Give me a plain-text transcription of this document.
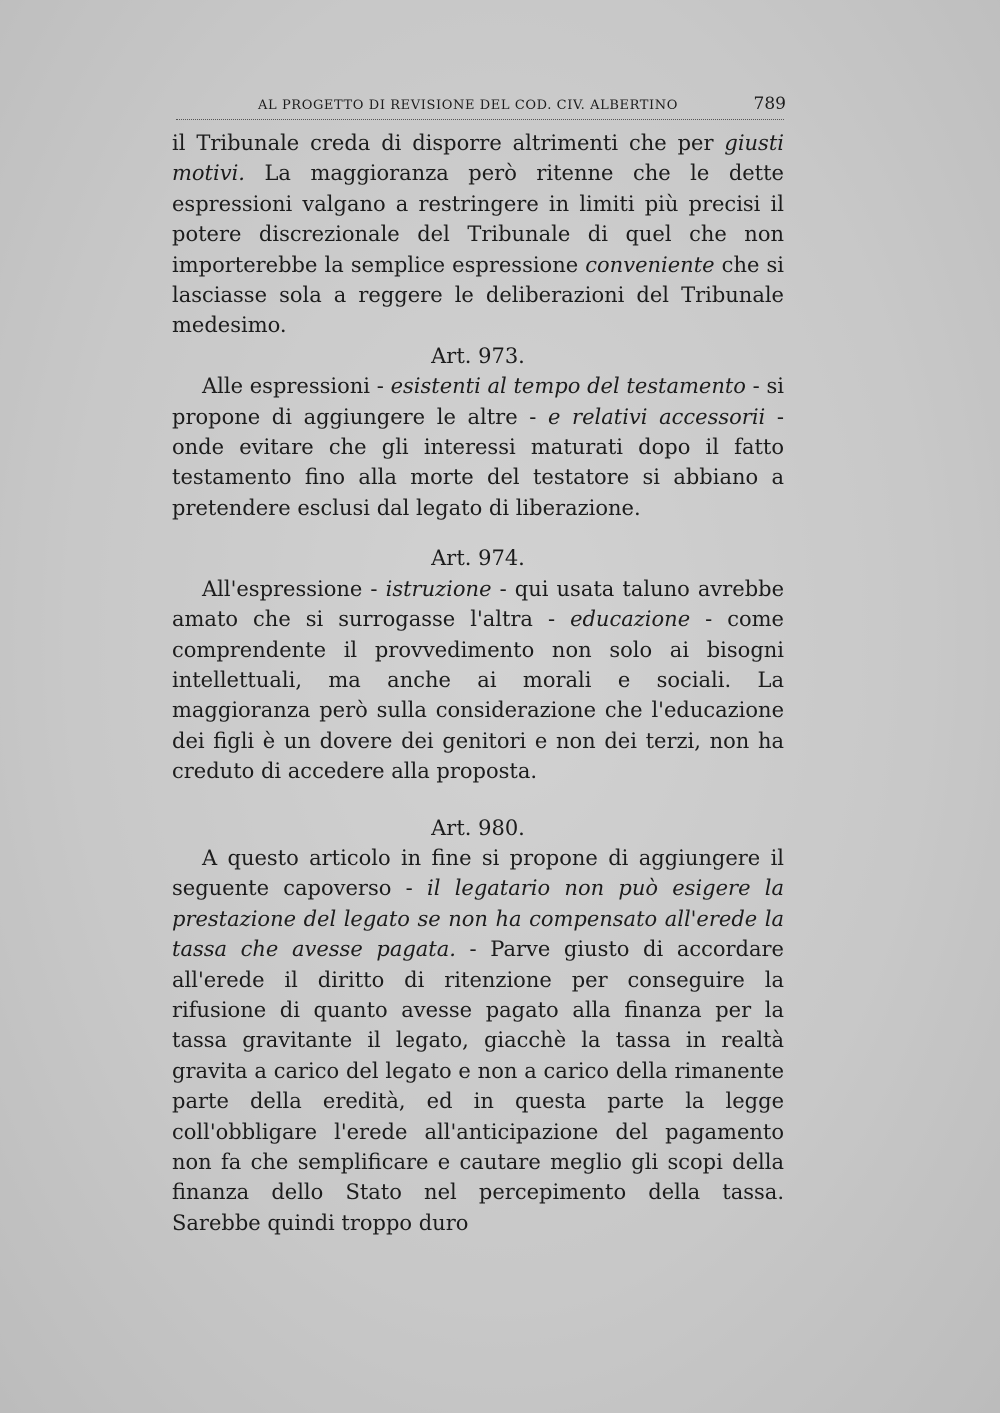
AL PROGETTO DI REVISIONE DEL COD. CIV. ALBERTINO	789

il Tribunale creda di disporre altrimenti che per giusti motivi. La maggioranza però ritenne che le dette espressioni valgano a restringere in limiti più precisi il potere discrezionale del Tribunale di quel che non importerebbe la semplice espressione conveniente che si lasciasse sola a reggere le deliberazioni del Tribunale medesimo.

Art. 973.

Alle espressioni - esistenti al tempo del testamento - si propone di aggiungere le altre - e relativi accessorii - onde evitare che gli interessi maturati dopo il fatto testamento fino alla morte del testatore si abbiano a pretendere esclusi dal legato di liberazione.

Art. 974.

All'espressione - istruzione - qui usata taluno avrebbe amato che si surrogasse l'altra - educazione - come comprendente il provvedimento non solo ai bisogni intellettuali, ma anche ai morali e sociali. La maggioranza però sulla considerazione che l'educazione dei figli è un dovere dei genitori e non dei terzi, non ha creduto di accedere alla proposta.

Art. 980.

A questo articolo in fine si propone di aggiungere il seguente capoverso - il legatario non può esigere la prestazione del legato se non ha compensato all'erede la tassa che avesse pagata. - Parve giusto di accordare all'erede il diritto di ritenzione per conseguire la rifusione di quanto avesse pagato alla finanza per la tassa gravitante il legato, giacchè la tassa in realtà gravita a carico del legato e non a carico della rimanente parte della eredità, ed in questa parte la legge coll'obbligare l'erede all'anticipazione del pagamento non fa che semplificare e cautare meglio gli scopi della finanza dello Stato nel percepimento della tassa. Sarebbe quindi troppo duro
